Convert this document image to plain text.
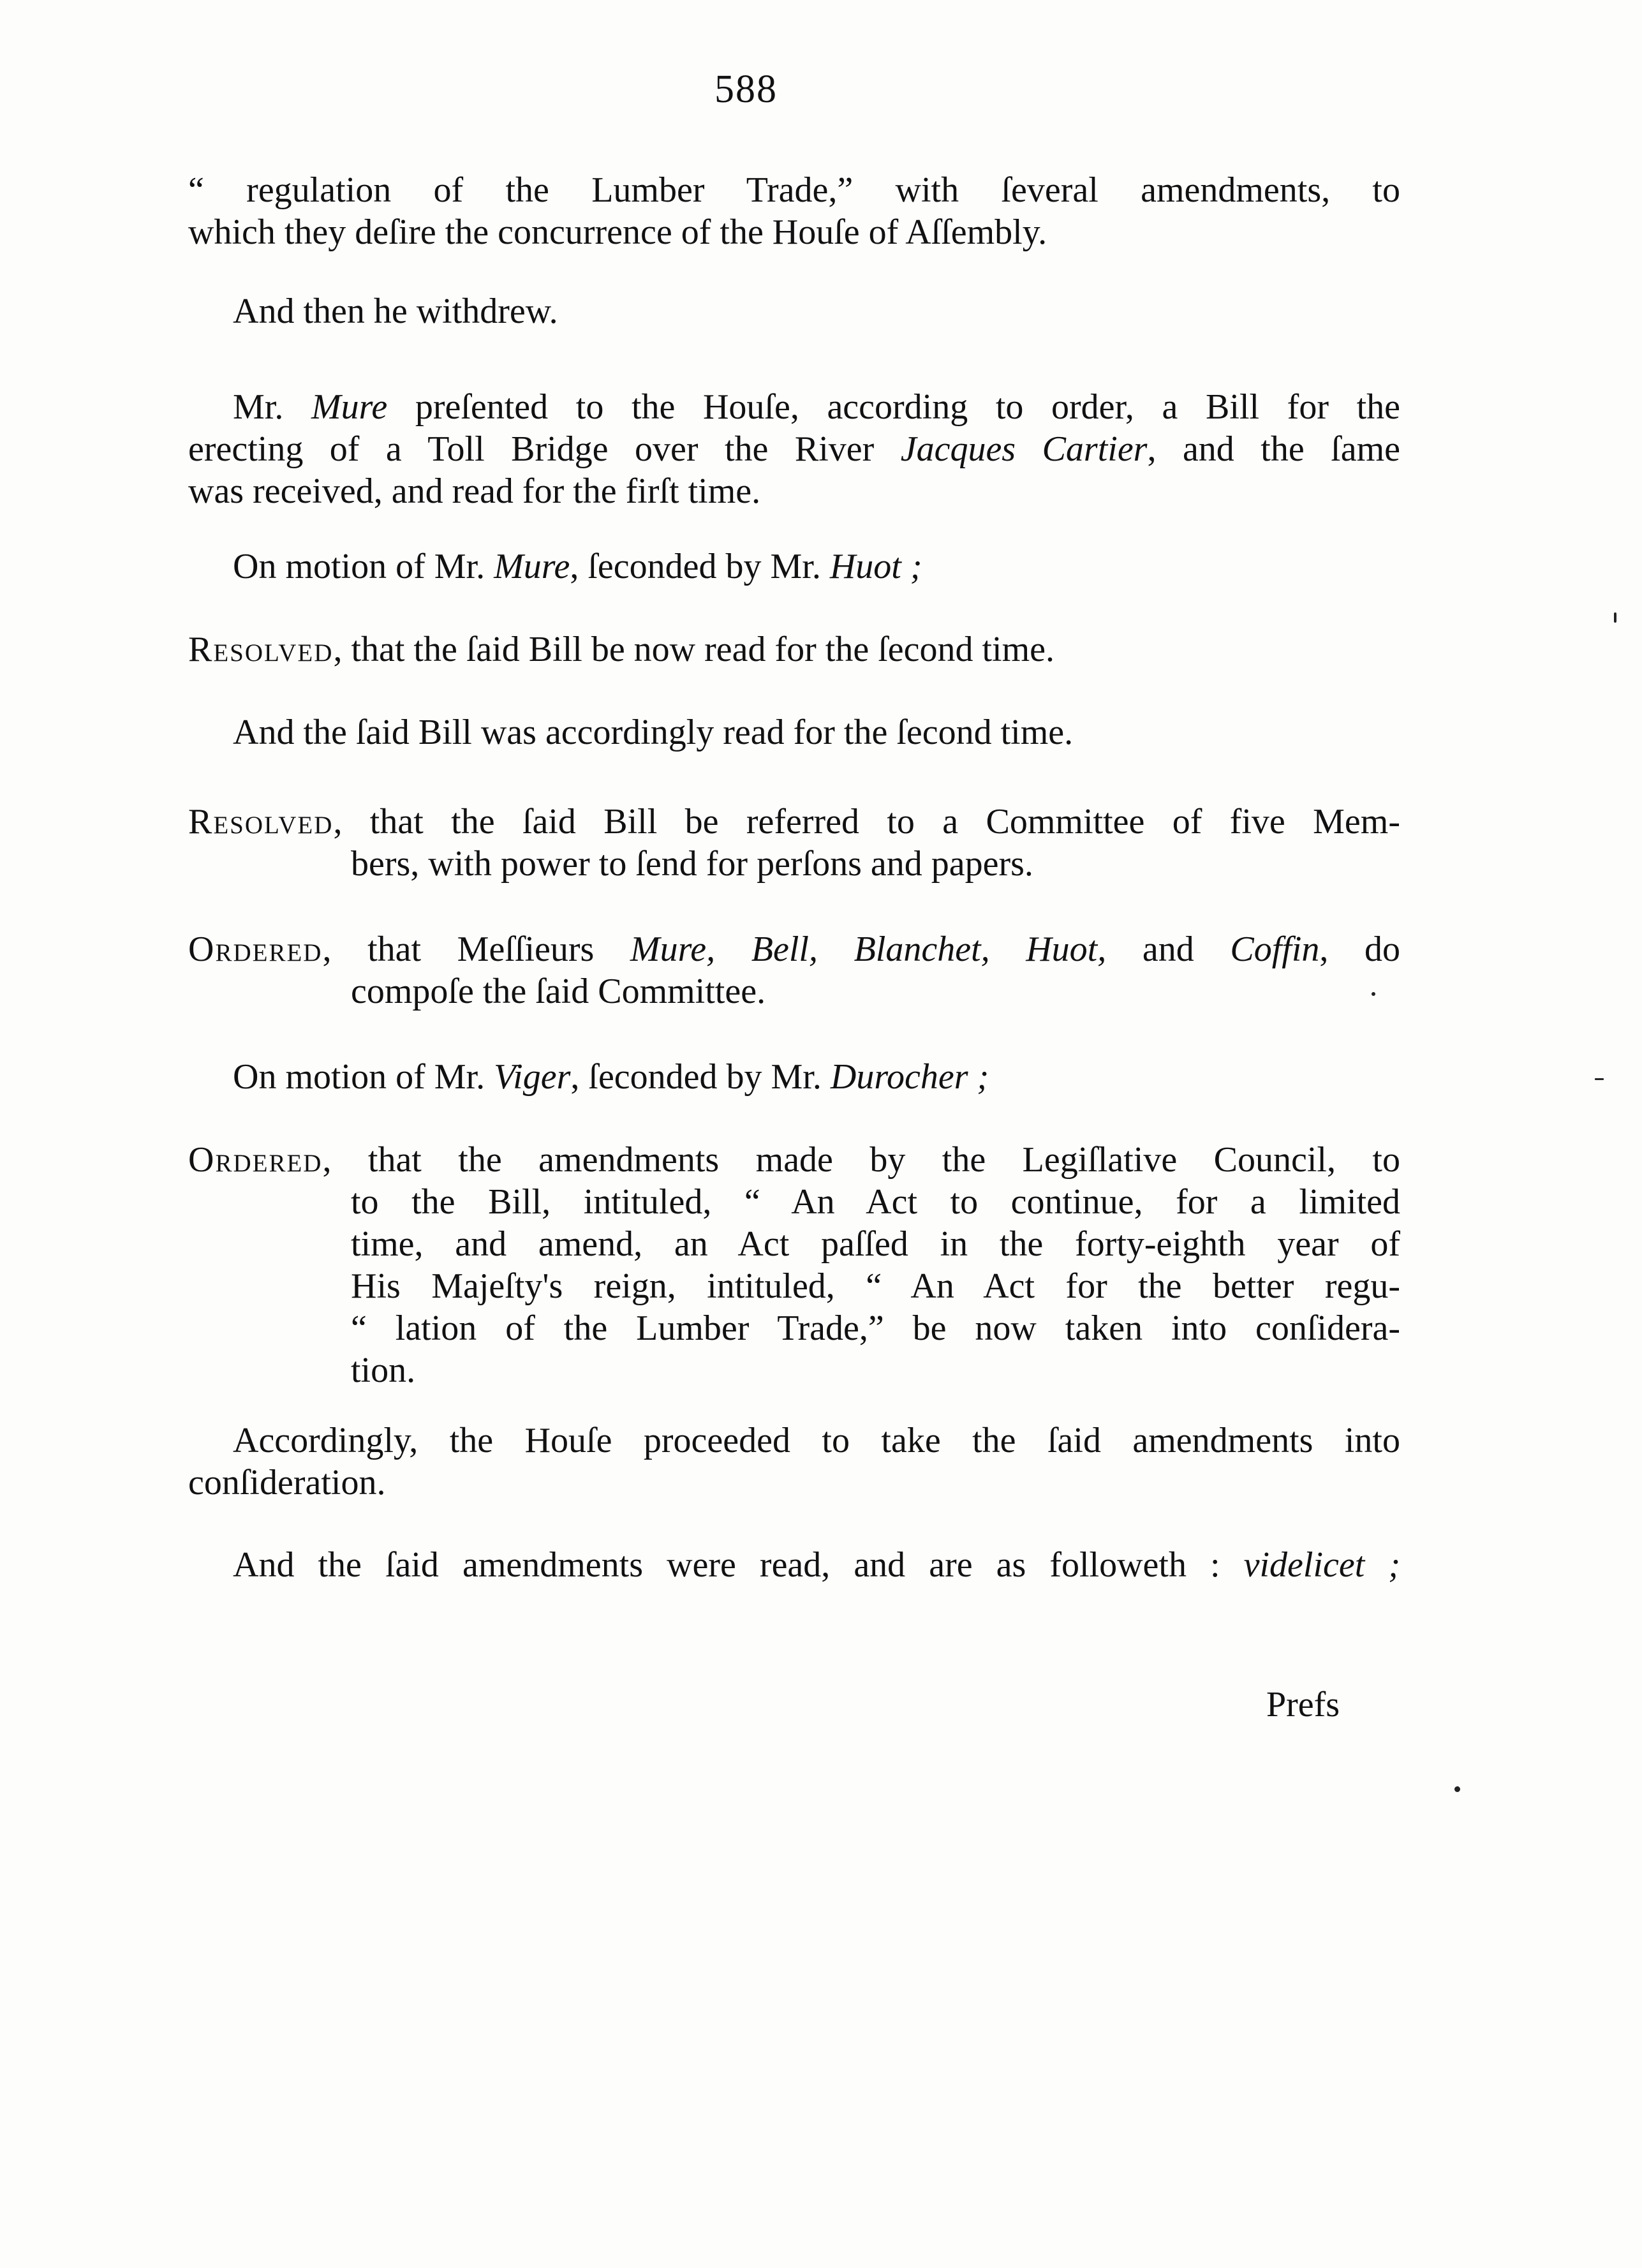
588
“ regulation of the Lumber Trade,” with ſeveral amendments, to
which they deſire the concurrence of the Houſe of Aſſembly.
And then he withdrew.
Mr. Mure preſented to the Houſe, according to order, a Bill for the
erecting of a Toll Bridge over the River Jacques Cartier, and the ſame
was received, and read for the firſt time.
On motion of Mr. Mure, ſeconded by Mr. Huot ;
Resolved, that the ſaid Bill be now read for the ſecond time.
And the ſaid Bill was accordingly read for the ſecond time.
Resolved, that the ſaid Bill be referred to a Committee of five Mem-
bers, with power to ſend for perſons and papers.
Ordered, that Meſſieurs Mure, Bell, Blanchet, Huot, and Coffin, do
compoſe the ſaid Committee.
On motion of Mr. Viger, ſeconded by Mr. Durocher ;
Ordered, that the amendments made by the Legiſlative Council, to
to the Bill, intituled, “ An Act to continue, for a limited
time, and amend, an Act paſſed in the forty-eighth year of
His Majeſty's reign, intituled, “ An Act for the better regu-
“ lation of the Lumber Trade,” be now taken into conſidera-
tion.
Accordingly, the Houſe proceeded to take the ſaid amendments into
conſideration.
And the ſaid amendments were read, and are as followeth : videlicet ;
Prefs
